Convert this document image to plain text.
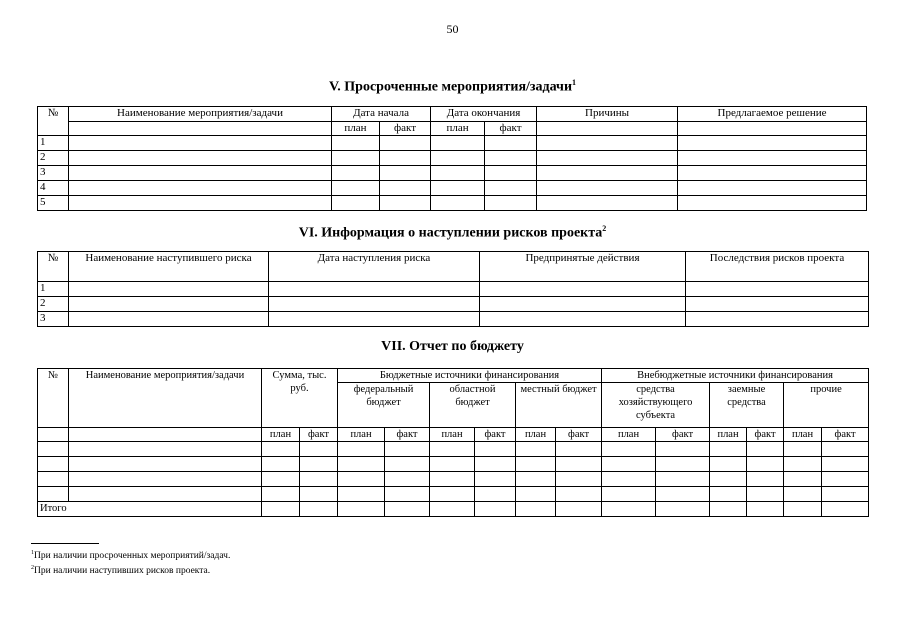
50
V. Просроченные мероприятия/задачи$^1$
№	Наименование мероприятия/задачи	Дата начала		Дата окончания		Причины	Предлагаемое решение
		план	факт	план	факт		
1							
2							
3							
4							
5							
VI. Информация о наступлении рисков проекта$^2$
№	Наименование наступившего риска	Дата наступления риска	Предпринятые действия	Последствия рисков проекта
1				
2				
3				
VII. Отчет по бюджету
№	Наименование мероприятия/задачи	Сумма, тыс. руб.		Бюджетные источники финансирования						Внебюджетные источники финансирования					
				федеральный бюджет		областной бюджет		местный бюджет		средства хозяйствующего субъекта		заемные средства		прочие	
		план	факт	план	факт	план	факт	план	факт	план	факт	план	факт	план	факт

Итого															
$^1$При наличии просроченных мероприятий/задач.
$^2$При наличии наступивших рисков проекта.
